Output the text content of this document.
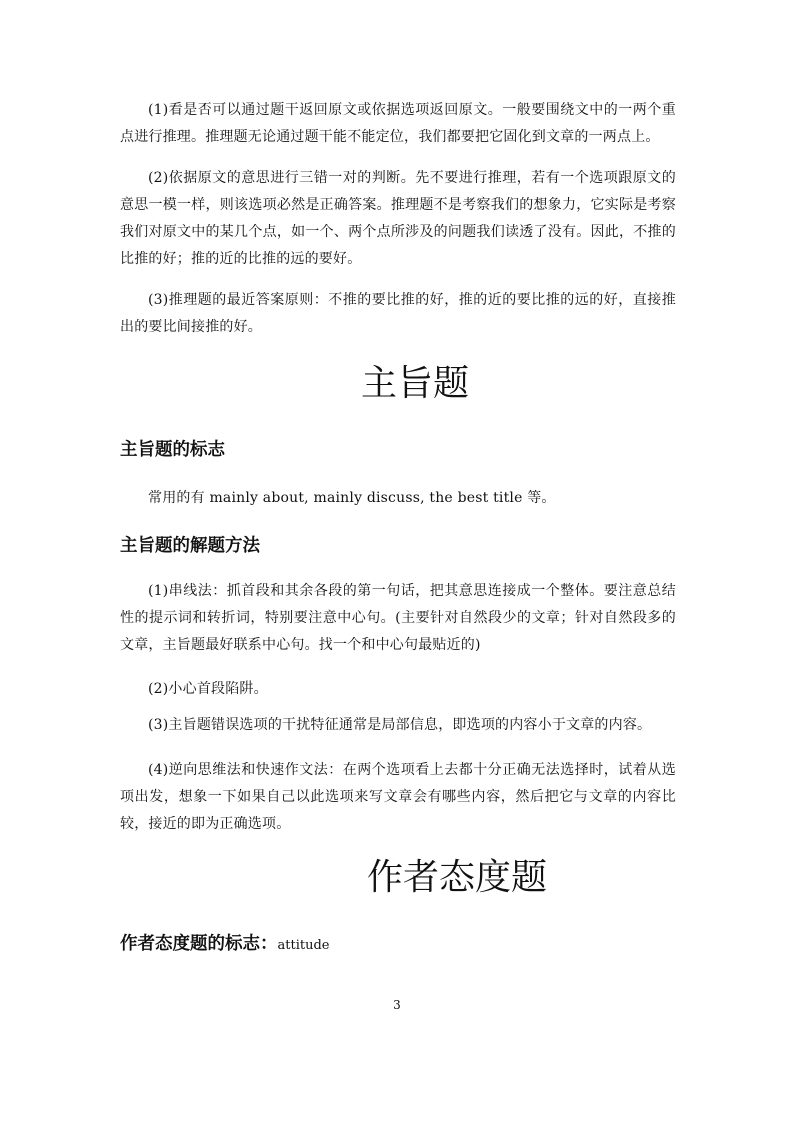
(1)看是否可以通过题干返回原文或依据选项返回原文。一般要围绕文中的一两个重点进行推理。推理题无论通过题干能不能定位，我们都要把它固化到文章的一两点上。

(2)依据原文的意思进行三错一对的判断。先不要进行推理，若有一个选项跟原文的意思一模一样，则该选项必然是正确答案。推理题不是考察我们的想象力，它实际是考察我们对原文中的某几个点，如一个、两个点所涉及的问题我们读透了没有。因此，不推的比推的好；推的近的比推的远的要好。

(3)推理题的最近答案原则：不推的要比推的好，推的近的要比推的远的好，直接推出的要比间接推的好。

主旨题
主旨题的标志

常用的有 mainly about, mainly discuss, the best title 等。

主旨题的解题方法

(1)串线法：抓首段和其余各段的第一句话，把其意思连接成一个整体。要注意总结性的提示词和转折词，特别要注意中心句。(主要针对自然段少的文章；针对自然段多的文章，主旨题最好联系中心句。找一个和中心句最贴近的)

(2)小心首段陷阱。

(3)主旨题错误选项的干扰特征通常是局部信息，即选项的内容小于文章的内容。

(4)逆向思维法和快速作文法：在两个选项看上去都十分正确无法选择时，试着从选项出发，想象一下如果自己以此选项来写文章会有哪些内容，然后把它与文章的内容比较，接近的即为正确选项。

作者态度题
作者态度题的标志：attitude

3
